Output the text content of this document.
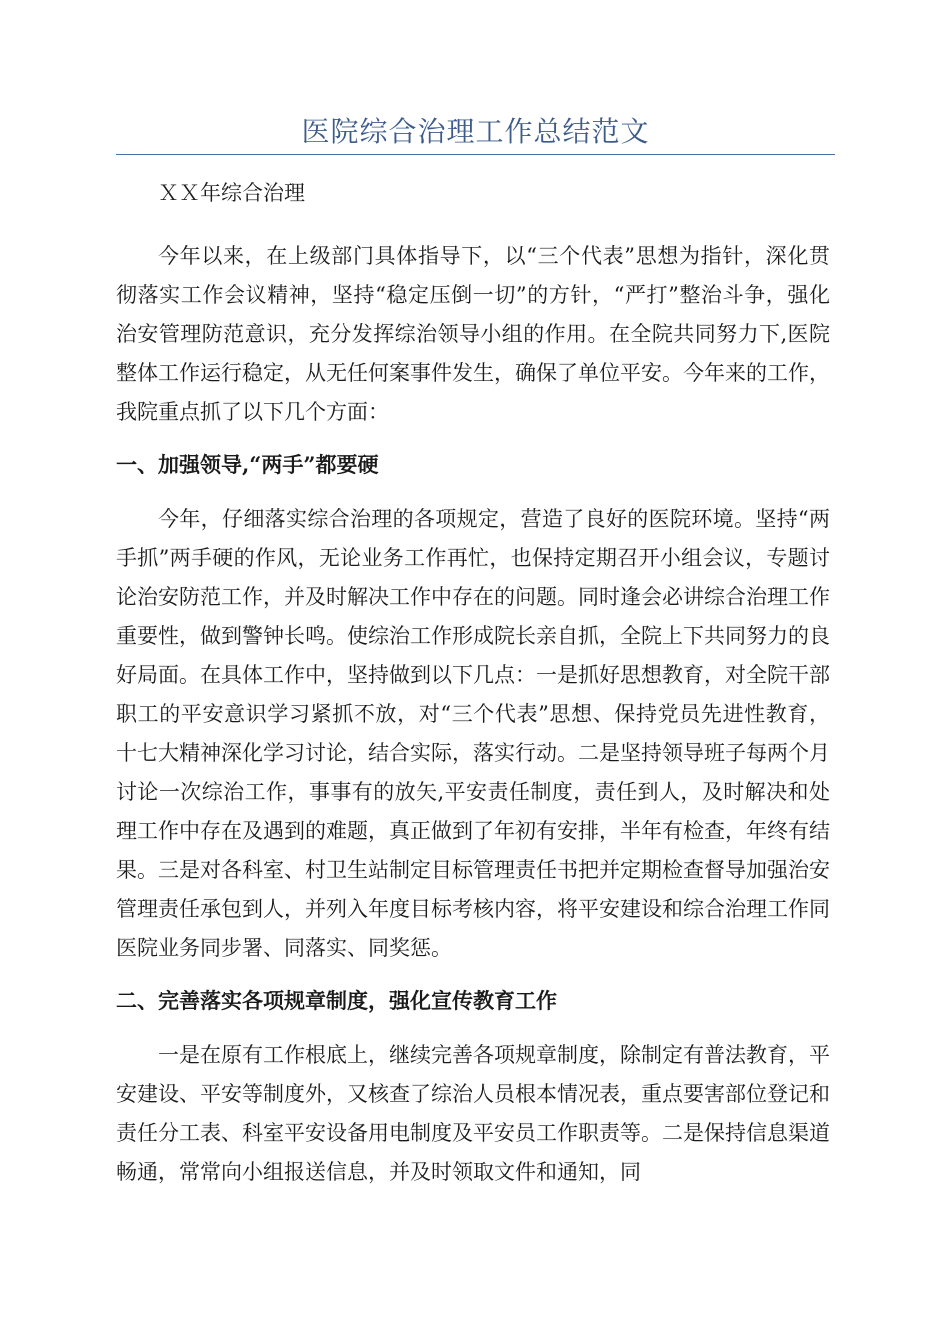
医院综合治理工作总结范文

ＸＸ年综合治理

今年以来，在上级部门具体指导下，以“三个代表”思想为指针，深化贯彻落实工作会议精神，坚持“稳定压倒一切”的方针，“严打”整治斗争，强化治安管理防范意识，充分发挥综治领导小组的作用。在全院共同努力下,医院整体工作运行稳定，从无任何案事件发生，确保了单位平安。今年来的工作，我院重点抓了以下几个方面：

一、加强领导,“两手”都要硬

今年，仔细落实综合治理的各项规定，营造了良好的医院环境。坚持“两手抓”两手硬的作风，无论业务工作再忙，也保持定期召开小组会议，专题讨论治安防范工作，并及时解决工作中存在的问题。同时逢会必讲综合治理工作重要性，做到警钟长鸣。使综治工作形成院长亲自抓，全院上下共同努力的良好局面。在具体工作中，坚持做到以下几点：一是抓好思想教育，对全院干部职工的平安意识学习紧抓不放，对“三个代表”思想、保持党员先进性教育，十七大精神深化学习讨论，结合实际，落实行动。二是坚持领导班子每两个月讨论一次综治工作，事事有的放矢,平安责任制度，责任到人，及时解决和处理工作中存在及遇到的难题，真正做到了年初有安排，半年有检查，年终有结果。三是对各科室、村卫生站制定目标管理责任书把并定期检查督导加强治安管理责任承包到人，并列入年度目标考核内容，将平安建设和综合治理工作同医院业务同步署、同落实、同奖惩。

二、完善落实各项规章制度，强化宣传教育工作

一是在原有工作根底上，继续完善各项规章制度，除制定有普法教育，平安建设、平安等制度外，又核查了综治人员根本情况表，重点要害部位登记和责任分工表、科室平安设备用电制度及平安员工作职责等。二是保持信息渠道畅通，常常向小组报送信息，并及时领取文件和通知，同
